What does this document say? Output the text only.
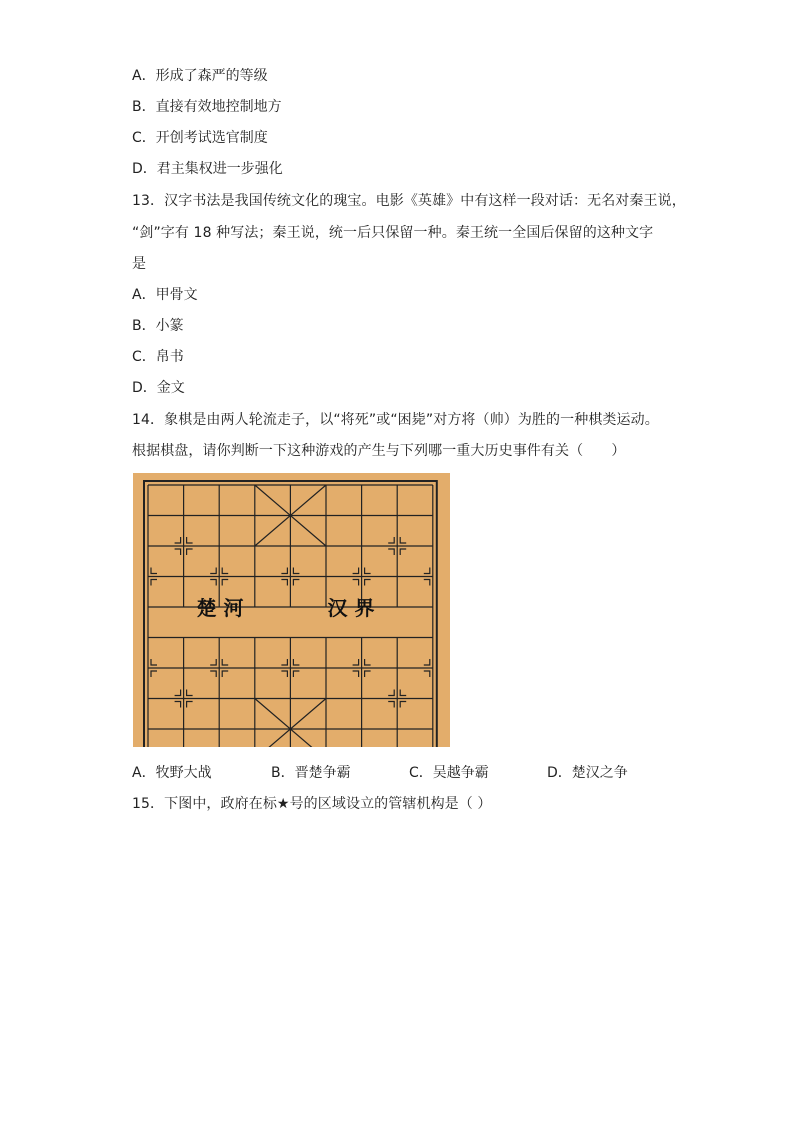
A．形成了森严的等级
B．直接有效地控制地方
C．开创考试选官制度
D．君主集权进一步强化
13．汉字书法是我国传统文化的瑰宝。电影《英雄》中有这样一段对话：无名对秦王说，
“剑”字有 18 种写法；秦王说，统一后只保留一种。秦王统一全国后保留的这种文字
是
A．甲骨文
B．小篆
C．帛书
D．金文
14．象棋是由两人轮流走子，以“将死”或“困毙”对方将（帅）为胜的一种棋类运动。
根据棋盘，请你判断一下这种游戏的产生与下列哪一重大历史事件有关（　　）
楚 河	汉 界
A．牧野大战	B．晋楚争霸	C．吴越争霸	D．楚汉之争
15．下图中，政府在标★号的区域设立的管辖机构是（ ）
